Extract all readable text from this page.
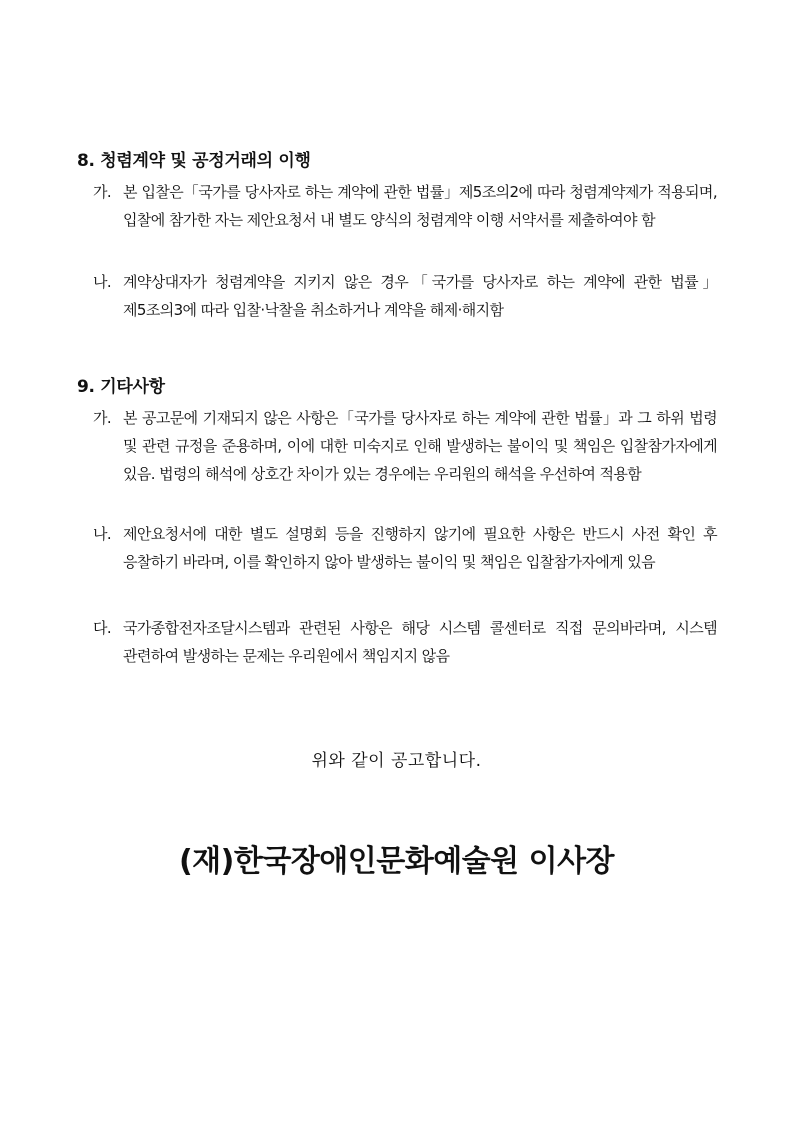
8. 청렴계약 및 공정거래의 이행
가. 본 입찰은「국가를 당사자로 하는 계약에 관한 법률」제5조의2에 따라 청렴계약제가 적용되며, 입찰에 참가한 자는 제안요청서 내 별도 양식의 청렴계약 이행 서약서를 제출하여야 함
나. 계약상대자가 청렴계약을 지키지 않은 경우「국가를 당사자로 하는 계약에 관한 법률」제5조의3에 따라 입찰·낙찰을 취소하거나 계약을 해제·해지함
9. 기타사항
가. 본 공고문에 기재되지 않은 사항은「국가를 당사자로 하는 계약에 관한 법률」과 그 하위 법령 및 관련 규정을 준용하며, 이에 대한 미숙지로 인해 발생하는 불이익 및 책임은 입찰참가자에게 있음. 법령의 해석에 상호간 차이가 있는 경우에는 우리원의 해석을 우선하여 적용함
나. 제안요청서에 대한 별도 설명회 등을 진행하지 않기에 필요한 사항은 반드시 사전 확인 후 응찰하기 바라며, 이를 확인하지 않아 발생하는 불이익 및 책임은 입찰참가자에게 있음
다. 국가종합전자조달시스템과 관련된 사항은 해당 시스템 콜센터로 직접 문의바라며, 시스템 관련하여 발생하는 문제는 우리원에서 책임지지 않음
위와 같이 공고합니다.
(재)한국장애인문화예술원 이사장
